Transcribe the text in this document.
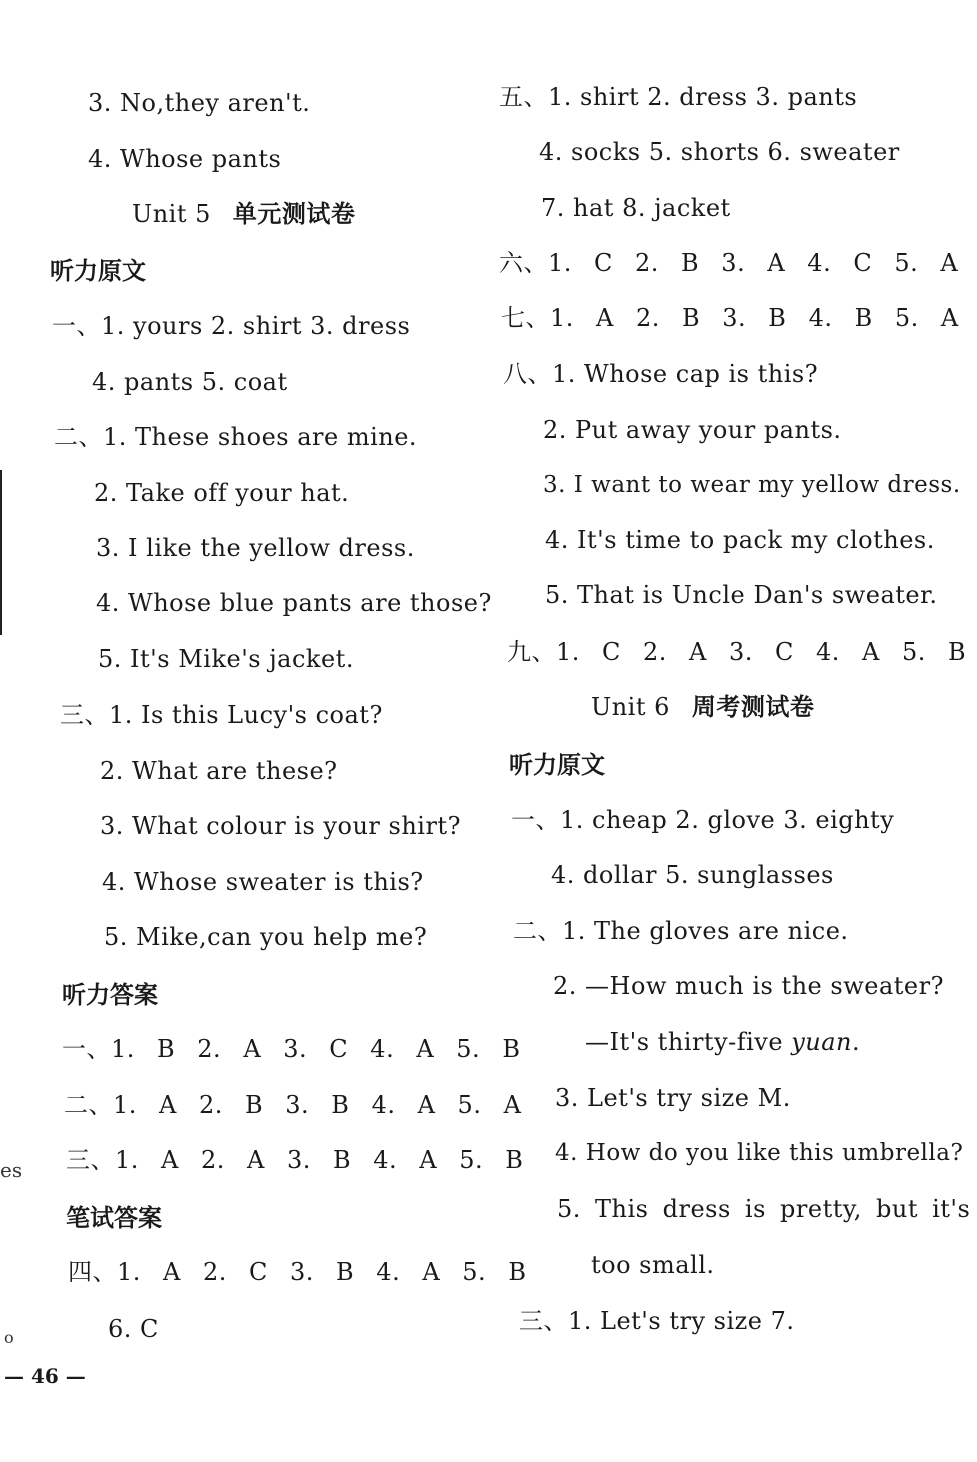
es
o
3. No,they aren't.
4. Whose pants
Unit 5 单元测试卷
听力原文
一、1. yours 2. shirt 3. dress
4. pants 5. coat
二、1. These shoes are mine.
2. Take off your hat.
3. I like the yellow dress.
4. Whose blue pants are those?
5. It's Mike's jacket.
三、1. Is this Lucy's coat?
2. What are these?
3. What colour is your shirt?
4. Whose sweater is this?
5. Mike,can you help me?
听力答案
一、1. B 2. A 3. C 4. A 5. B
二、1. A 2. B 3. B 4. A 5. A
三、1. A 2. A 3. B 4. A 5. B
笔试答案
四、1. A 2. C 3. B 4. A 5. B
6. C
五、1. shirt 2. dress 3. pants
4. socks 5. shorts 6. sweater
7. hat 8. jacket
六、1. C 2. B 3. A 4. C 5. A
七、1. A 2. B 3. B 4. B 5. A
八、1. Whose cap is this?
2. Put away your pants.
3. I want to wear my yellow dress.
4. It's time to pack my clothes.
5. That is Uncle Dan's sweater.
九、1. C 2. A 3. C 4. A 5. B
Unit 6 周考测试卷
听力原文
一、1. cheap 2. glove 3. eighty
4. dollar 5. sunglasses
二、1. The gloves are nice.
2. —How much is the sweater?
—It's thirty-five yuan.
3. Let's try size M.
4. How do you like this umbrella?
5. This dress is pretty, but it's
too small.
三、1. Let's try size 7.
— 46 —
